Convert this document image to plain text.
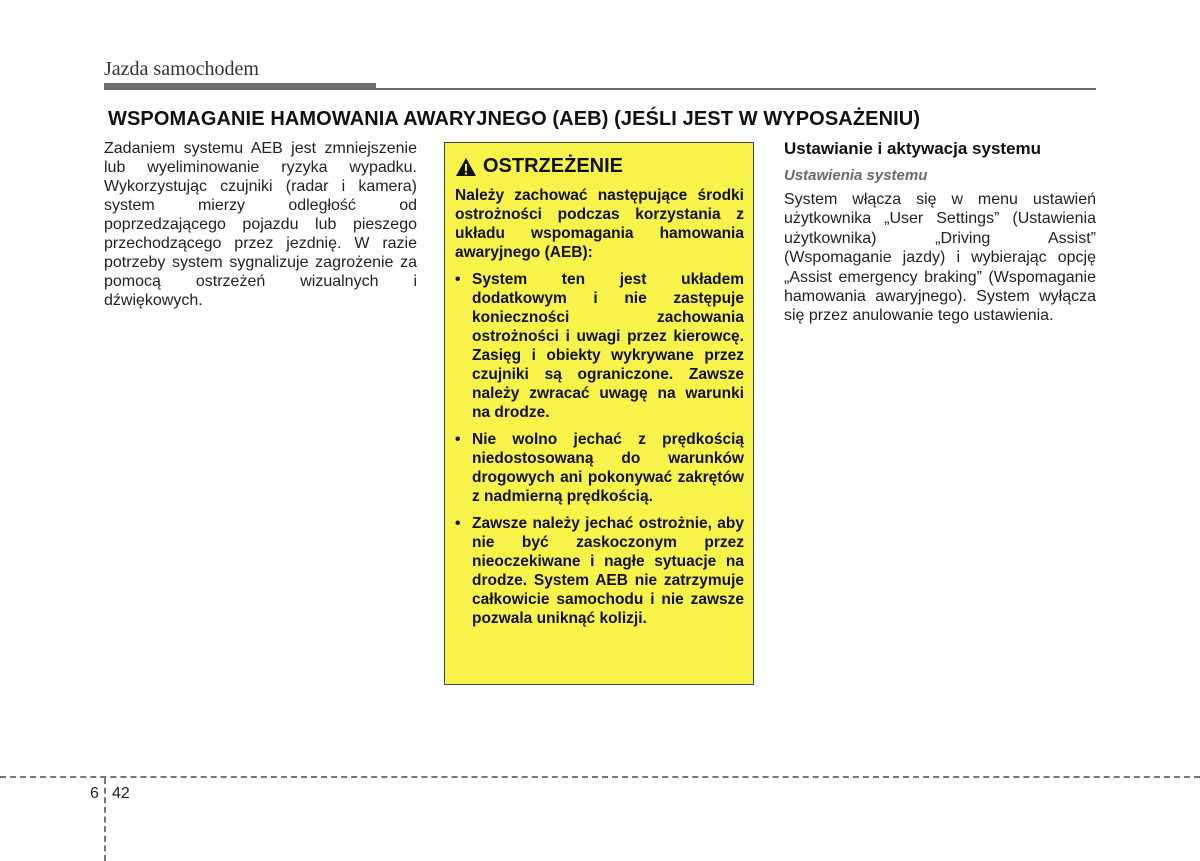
Jazda samochodem
WSPOMAGANIE HAMOWANIA AWARYJNEGO (AEB) (JEŚLI JEST W WYPOSAŻENIU)
Zadaniem systemu AEB jest zmniejszenie lub wyeliminowanie ryzyka wypadku. Wykorzystując czujniki (radar i kamera) system mierzy odległość od poprzedzającego pojazdu lub pieszego przechodzącego przez jezdnię. W razie potrzeby system sygnalizuje zagrożenie za pomocą ostrzeżeń wizualnych i dźwiękowych.
OSTRZEŻENIE
Należy zachować następujące środki ostrożności podczas korzystania z układu wspomagania hamowania awaryjnego (AEB):
• System ten jest układem dodatkowym i nie zastępuje konieczności zachowania ostrożności i uwagi przez kierowcę. Zasięg i obiekty wykrywane przez czujniki są ograniczone. Zawsze należy zwracać uwagę na warunki na drodze.
• Nie wolno jechać z prędkością niedostosowaną do warunków drogowych ani pokonywać zakrętów z nadmierną prędkością.
• Zawsze należy jechać ostrożnie, aby nie być zaskoczonym przez nieoczekiwane i nagłe sytuacje na drodze. System AEB nie zatrzymuje całkowicie samochodu i nie zawsze pozwala uniknąć kolizji.
Ustawianie i aktywacja systemu
Ustawienia systemu
System włącza się w menu ustawień użytkownika „User Settings” (Ustawienia użytkownika) „Driving Assist” (Wspomaganie jazdy) i wybierając opcję „Assist emergency braking” (Wspomaganie hamowania awaryjnego). System wyłącza się przez anulowanie tego ustawienia.
6 42
